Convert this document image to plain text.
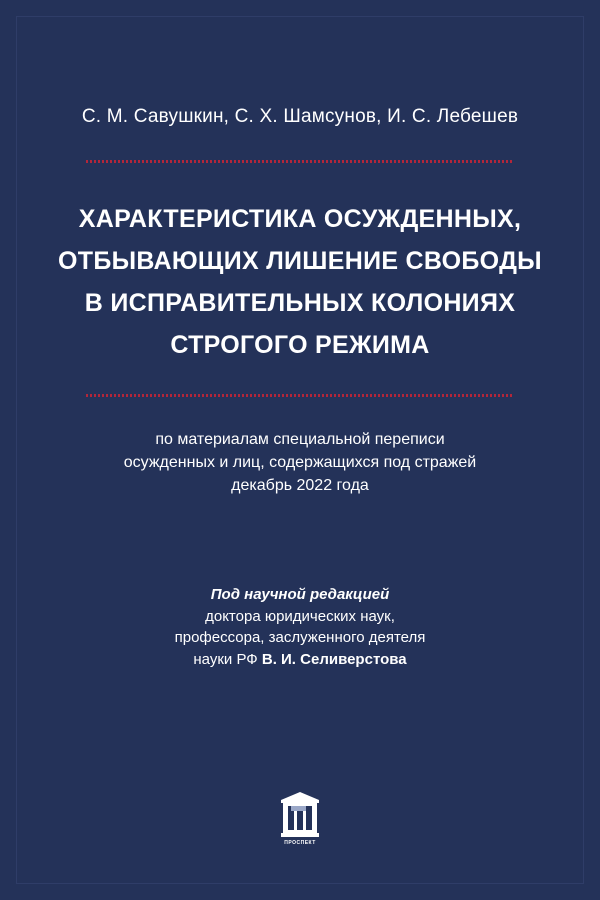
С. М. Савушкин, С. Х. Шамсунов, И. С. Лебешев
ХАРАКТЕРИСТИКА ОСУЖДЕННЫХ,
ОТБЫВАЮЩИХ ЛИШЕНИЕ СВОБОДЫ
В ИСПРАВИТЕЛЬНЫХ КОЛОНИЯХ
СТРОГОГО РЕЖИМА
по материалам специальной переписи
осужденных и лиц, содержащихся под стражей
декабрь 2022 года
Под научной редакцией
доктора юридических наук,
профессора, заслуженного деятеля
науки РФ В. И. Селиверстова
ПРОСПЕКТ
